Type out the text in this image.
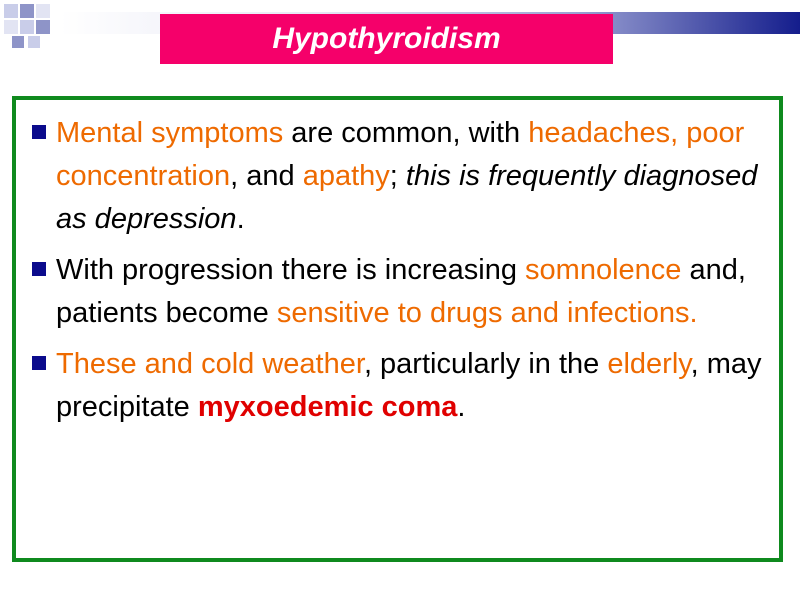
Hypothyroidism
Mental symptoms are common, with headaches, poor concentration, and apathy; this is frequently diagnosed as depression.
With progression there is increasing somnolence and, patients become sensitive to drugs and infections.
These and cold weather, particularly in the elderly, may precipitate myxoedemic coma.
